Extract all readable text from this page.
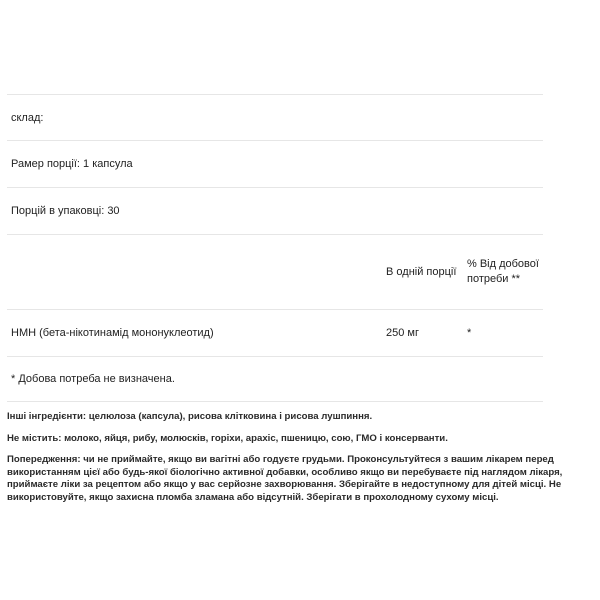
склад:
Рамер порції: 1 капсула
Порцій в упаковці: 30
В одній порції
% Від добової потреби **
НМН (бета-нікотинамід мононуклеотид)	250 мг	*
* Добова потреба не визначена.

Інші інгредієнти: целюлоза (капсула), рисова клітковина і рисова лушпиння.

Не містить: молоко, яйця, рибу, молюсків, горіхи, арахіс, пшеницю, сою, ГМО і консерванти.

Попередження: чи не приймайте, якщо ви вагітні або годуєте грудьми. Проконсультуйтеся з вашим лікарем перед використанням цієї або будь-якої біологічно активної добавки, особливо якщо ви перебуваєте під наглядом лікаря, приймаєте ліки за рецептом або якщо у вас серйозне захворювання. Зберігайте в недоступному для дітей місці. Не використовуйте, якщо захисна пломба зламана або відсутній. Зберігати в прохолодному сухому місці.
